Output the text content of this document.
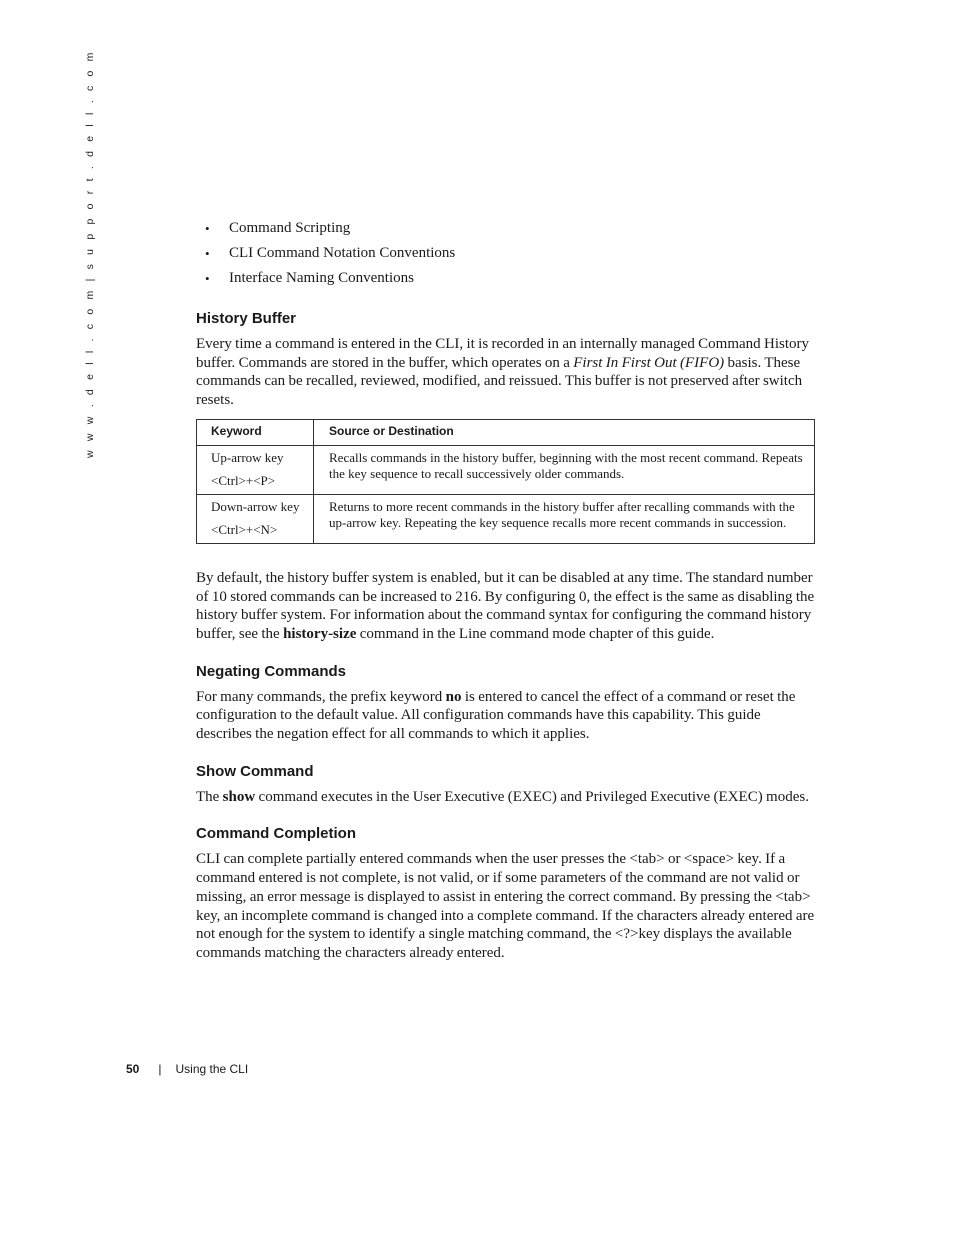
w w w . d e l l . c o m | s u p p o r t . d e l l . c o m	• Command Scripting
• CLI Command Notation Conventions
• Interface Naming Conventions
History Buffer

Every time a command is entered in the CLI, it is recorded in an internally managed Command History buffer. Commands are stored in the buffer, which operates on a First In First Out (FIFO) basis. These commands can be recalled, reviewed, modified, and reissued. This buffer is not preserved after switch resets.

Keyword	Source or Destination

Up-arrow key
<Ctrl>+<P>	Recalls commands in the history buffer, beginning with the most recent command. Repeats the key sequence to recall successively older commands.

Down-arrow key
<Ctrl>+<N>	Returns to more recent commands in the history buffer after recalling commands with the up-arrow key. Repeating the key sequence recalls more recent commands in succession.

By default, the history buffer system is enabled, but it can be disabled at any time. The standard number of 10 stored commands can be increased to 216. By configuring 0, the effect is the same as disabling the history buffer system. For information about the command syntax for configuring the command history buffer, see the history-size command in the Line command mode chapter of this guide.

Negating Commands

For many commands, the prefix keyword no is entered to cancel the effect of a command or reset the configuration to the default value. All configuration commands have this capability. This guide describes the negation effect for all commands to which it applies.

Show Command

The show command executes in the User Executive (EXEC) and Privileged Executive (EXEC) modes.

Command Completion

CLI can complete partially entered commands when the user presses the <tab> or <space> key. If a command entered is not complete, is not valid, or if some parameters of the command are not valid or missing, an error message is displayed to assist in entering the correct command. By pressing the <tab> key, an incomplete command is changed into a complete command. If the characters already entered are not enough for the system to identify a single matching command, the <?>key displays the available commands matching the characters already entered.

50 | Using the CLI
